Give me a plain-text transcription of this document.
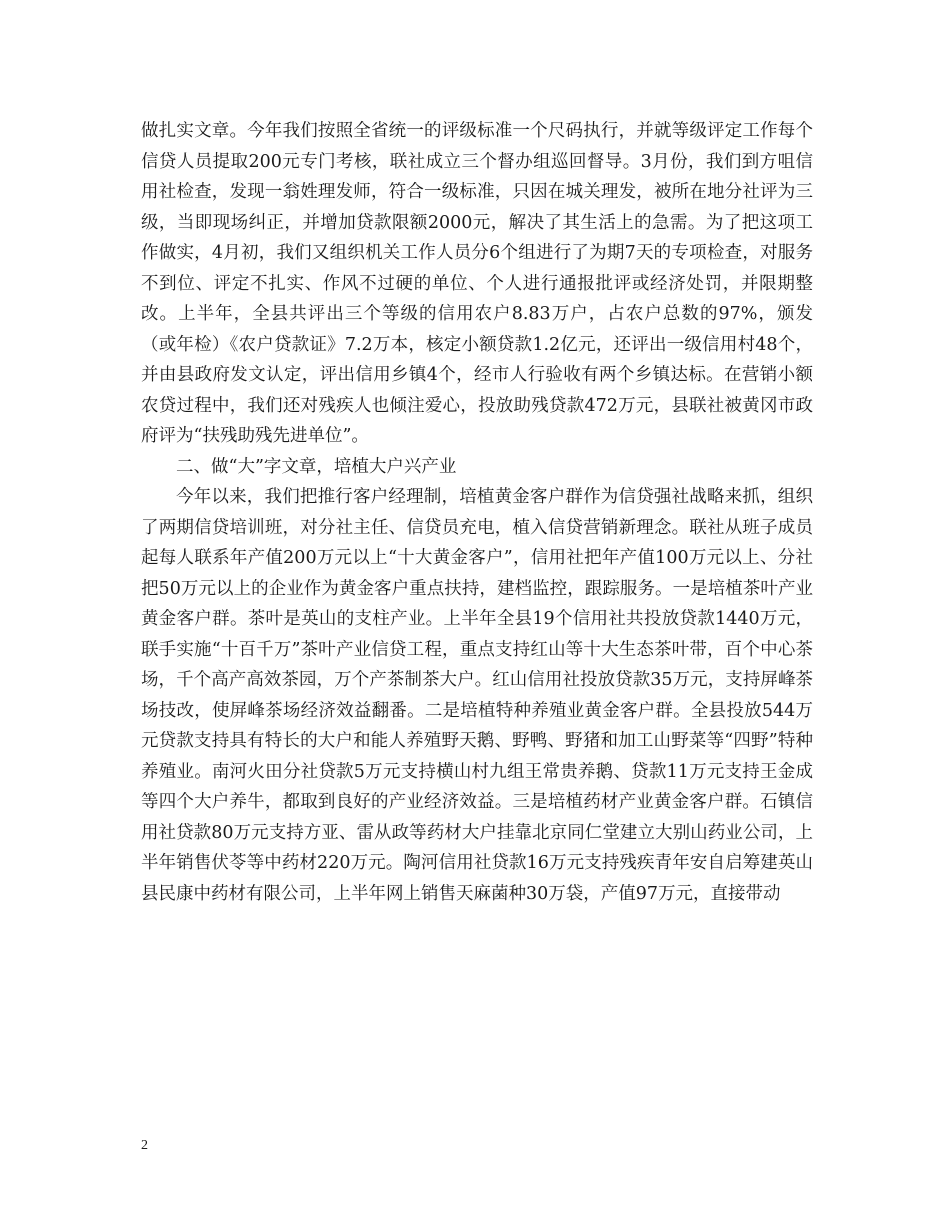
做扎实文章。今年我们按照全省统一的评级标准一个尺码执行，并就等级评定工作每个信贷人员提取200元专门考核，联社成立三个督办组巡回督导。3月份，我们到方咀信用社检查，发现一翁姓理发师，符合一级标准，只因在城关理发，被所在地分社评为三级，当即现场纠正，并增加贷款限额2000元，解决了其生活上的急需。为了把这项工作做实，4月初，我们又组织机关工作人员分6个组进行了为期7天的专项检查，对服务不到位、评定不扎实、作风不过硬的单位、个人进行通报批评或经济处罚，并限期整改。上半年，全县共评出三个等级的信用农户8.83万户，占农户总数的97%，颁发（或年检）《农户贷款证》7.2万本，核定小额贷款1.2亿元，还评出一级信用村48个，并由县政府发文认定，评出信用乡镇4个，经市人行验收有两个乡镇达标。在营销小额农贷过程中，我们还对残疾人也倾注爱心，投放助残贷款472万元，县联社被黄冈市政府评为“扶残助残先进单位”。

二、做“大”字文章，培植大户兴产业

今年以来，我们把推行客户经理制，培植黄金客户群作为信贷强社战略来抓，组织了两期信贷培训班，对分社主任、信贷员充电，植入信贷营销新理念。联社从班子成员起每人联系年产值200万元以上“十大黄金客户”，信用社把年产值100万元以上、分社把50万元以上的企业作为黄金客户重点扶持，建档监控，跟踪服务。一是培植茶叶产业黄金客户群。茶叶是英山的支柱产业。上半年全县19个信用社共投放贷款1440万元，联手实施“十百千万”茶叶产业信贷工程，重点支持红山等十大生态茶叶带，百个中心茶场，千个高产高效茶园，万个产茶制茶大户。红山信用社投放贷款35万元，支持屏峰茶场技改，使屏峰茶场经济效益翻番。二是培植特种养殖业黄金客户群。全县投放544万元贷款支持具有特长的大户和能人养殖野天鹅、野鸭、野猪和加工山野菜等“四野”特种养殖业。南河火田分社贷款5万元支持横山村九组王常贵养鹅、贷款11万元支持王金成等四个大户养牛，都取到良好的产业经济效益。三是培植药材产业黄金客户群。石镇信用社贷款80万元支持方亚、雷从政等药材大户挂靠北京同仁堂建立大别山药业公司，上半年销售伏苓等中药材220万元。陶河信用社贷款16万元支持残疾青年安自启筹建英山县民康中药材有限公司，上半年网上销售天麻菌种30万袋，产值97万元，直接带动

2
